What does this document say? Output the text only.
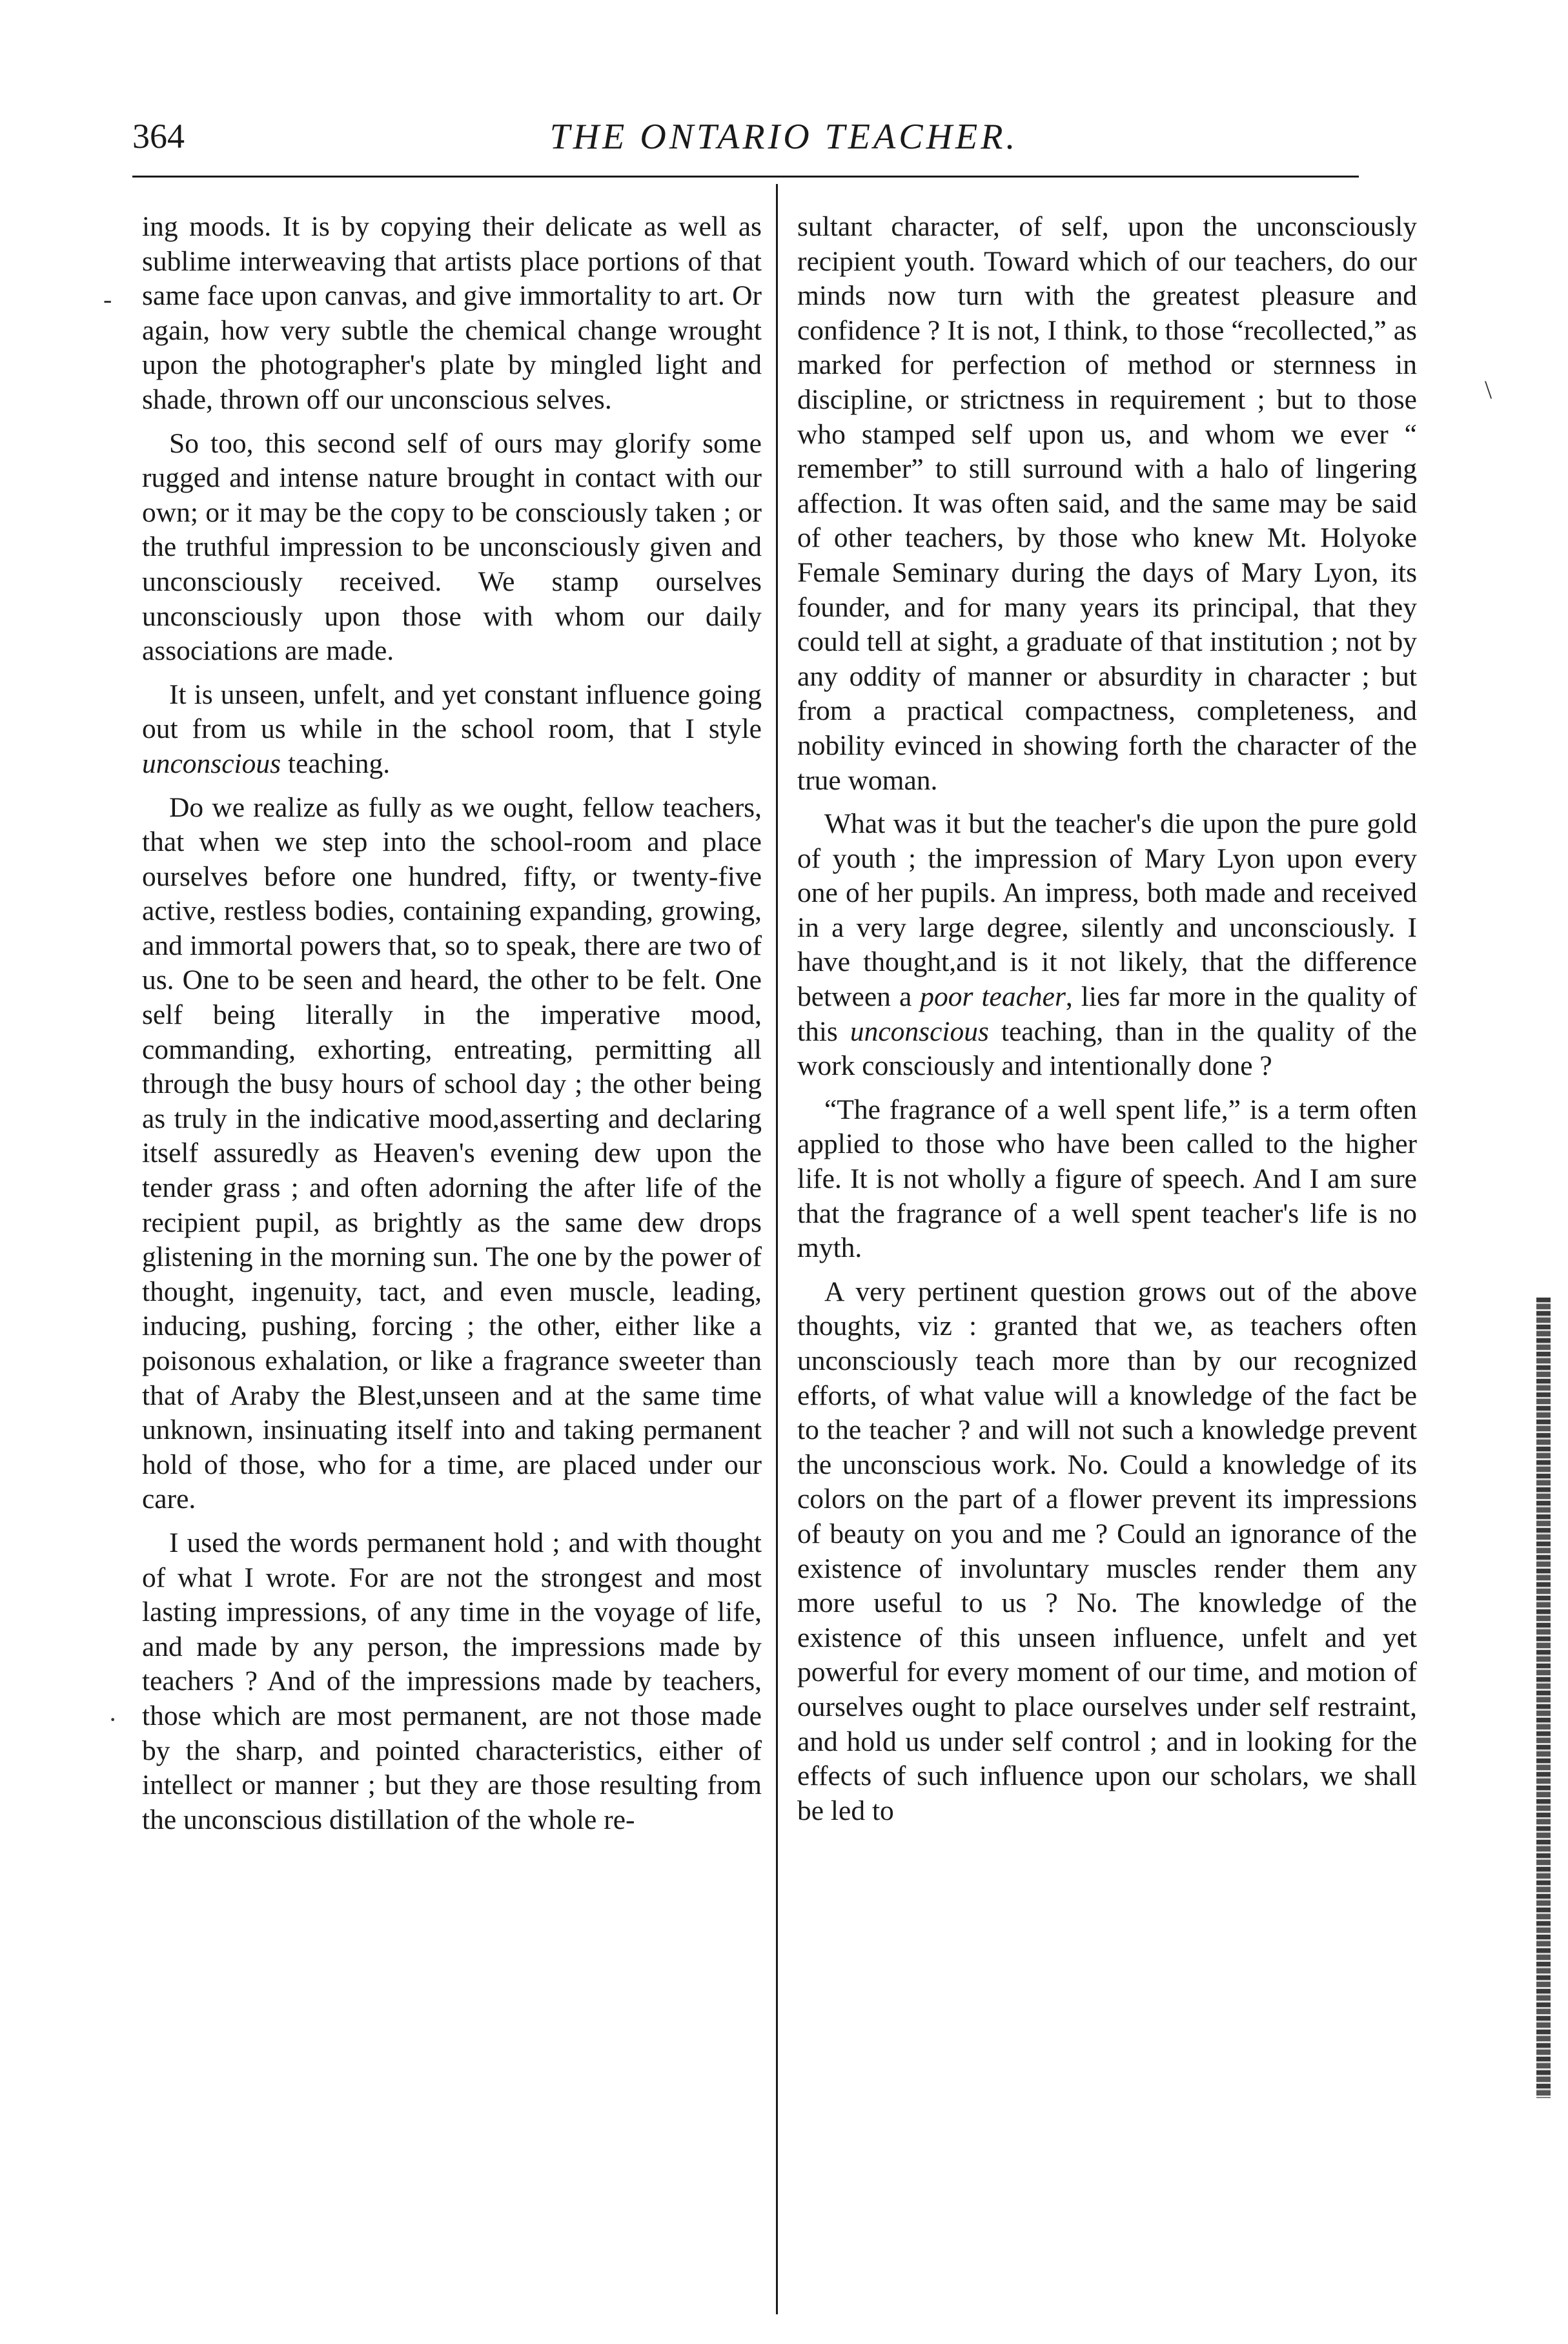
364	THE ONTARIO TEACHER.

ing moods. It is by copying their delicate as well as sublime interweaving that artists place portions of that same face upon canvas, and give immortality to art. Or again, how very subtle the chemical change wrought upon the photographer's plate by mingled light and shade, thrown off our unconscious selves.

So too, this second self of ours may glorify some rugged and intense nature brought in contact with our own; or it may be the copy to be consciously taken ; or the truthful impression to be unconsciously given and unconsciously received. We stamp ourselves unconsciously upon those with whom our daily associations are made.

It is unseen, unfelt, and yet constant influence going out from us while in the school room, that I style unconscious teaching.

Do we realize as fully as we ought, fellow teachers, that when we step into the school-room and place ourselves before one hundred, fifty, or twenty-five active, restless bodies, containing expanding, growing, and immortal powers that, so to speak, there are two of us. One to be seen and heard, the other to be felt. One self being literally in the imperative mood, commanding, exhorting, entreating, permitting all through the busy hours of school day ; the other being as truly in the indicative mood,asserting and declaring itself assuredly as Heaven's evening dew upon the tender grass ; and often adorning the after life of the recipient pupil, as brightly as the same dew drops glistening in the morning sun. The one by the power of thought, ingenuity, tact, and even muscle, leading, inducing, pushing, forcing ; the other, either like a poisonous exhalation, or like a fragrance sweeter than that of Araby the Blest,unseen and at the same time unknown, insinuating itself into and taking permanent hold of those, who for a time, are placed under our care.

I used the words permanent hold ; and with thought of what I wrote. For are not the strongest and most lasting impressions, of any time in the voyage of life, and made by any person, the impressions made by teachers ? And of the impressions made by teachers, those which are most permanent, are not those made by the sharp, and pointed characteristics, either of intellect or manner ; but they are those resulting from the unconscious distillation of the whole re-

sultant character, of self, upon the unconsciously recipient youth. Toward which of our teachers, do our minds now turn with the greatest pleasure and confidence ? It is not, I think, to those “recollected,” as marked for perfection of method or sternness in discipline, or strictness in requirement ; but to those who stamped self upon us, and whom we ever “ remember” to still surround with a halo of lingering affection. It was often said, and the same may be said of other teachers, by those who knew Mt. Holyoke Female Seminary during the days of Mary Lyon, its founder, and for many years its principal, that they could tell at sight, a graduate of that institution ; not by any oddity of manner or absurdity in character ; but from a practical compactness, completeness, and nobility evinced in showing forth the character of the true woman.

What was it but the teacher's die upon the pure gold of youth ; the impression of Mary Lyon upon every one of her pupils. An impress, both made and received in a very large degree, silently and unconsciously. I have thought,and is it not likely, that the difference between a poor teacher, lies far more in the quality of this unconscious teaching, than in the quality of the work consciously and intentionally done ?

“The fragrance of a well spent life,” is a term often applied to those who have been called to the higher life. It is not wholly a figure of speech. And I am sure that the fragrance of a well spent teacher's life is no myth.

A very pertinent question grows out of the above thoughts, viz : granted that we, as teachers often unconsciously teach more than by our recognized efforts, of what value will a knowledge of the fact be to the teacher ? and will not such a knowledge prevent the unconscious work. No. Could a knowledge of its colors on the part of a flower prevent its impressions of beauty on you and me ? Could an ignorance of the existence of involuntary muscles render them any more useful to us ? No. The knowledge of the existence of this unseen influence, unfelt and yet powerful for every moment of our time, and motion of ourselves ought to place ourselves under self restraint, and hold us under self control ; and in looking for the effects of such influence upon our scholars, we shall be led to

-
·
\
